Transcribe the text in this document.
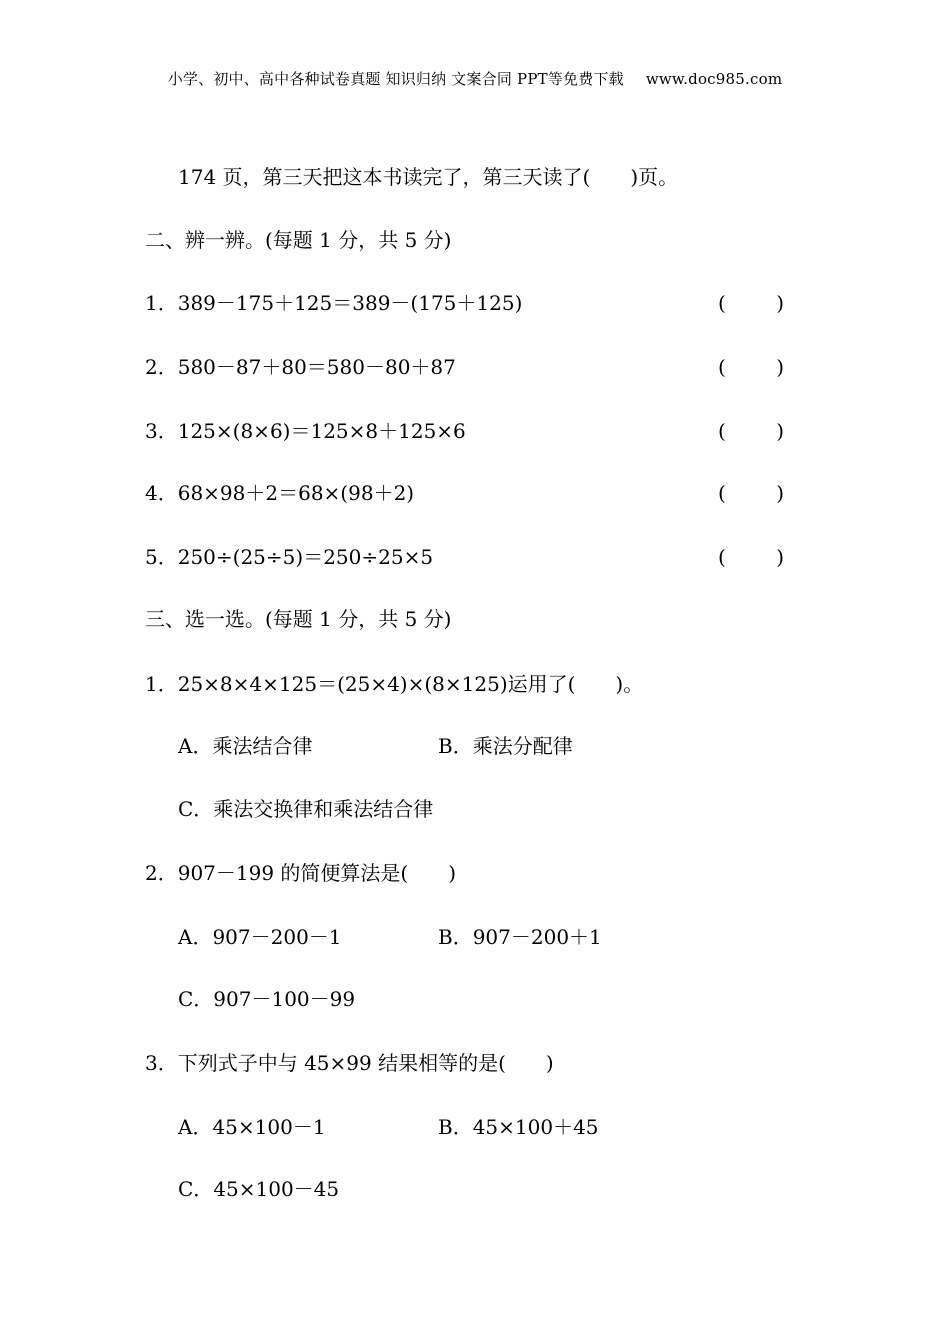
小学、初中、高中各种试卷真题 知识归纳 文案合同 PPT等免费下载 www.doc985.com
174 页，第三天把这本书读完了，第三天读了(　　)页。
二、辨一辨。(每题 1 分，共 5 分)
1．389－175＋125＝389－(175＋125)	(	)
2．580－87＋80＝580－80＋87	(	)
3．125×(8×6)＝125×8＋125×6	(	)
4．68×98＋2＝68×(98＋2)	(	)
5．250÷(25÷5)＝250÷25×5	(	)
三、选一选。(每题 1 分，共 5 分)
1．25×8×4×125＝(25×4)×(8×125)运用了(　　)。
A．乘法结合律	B．乘法分配律
C．乘法交换律和乘法结合律
2．907－199 的简便算法是(　　)
A．907－200－1	B．907－200＋1
C．907－100－99
3．下列式子中与 45×99 结果相等的是(　　)
A．45×100－1	B．45×100＋45
C．45×100－45
